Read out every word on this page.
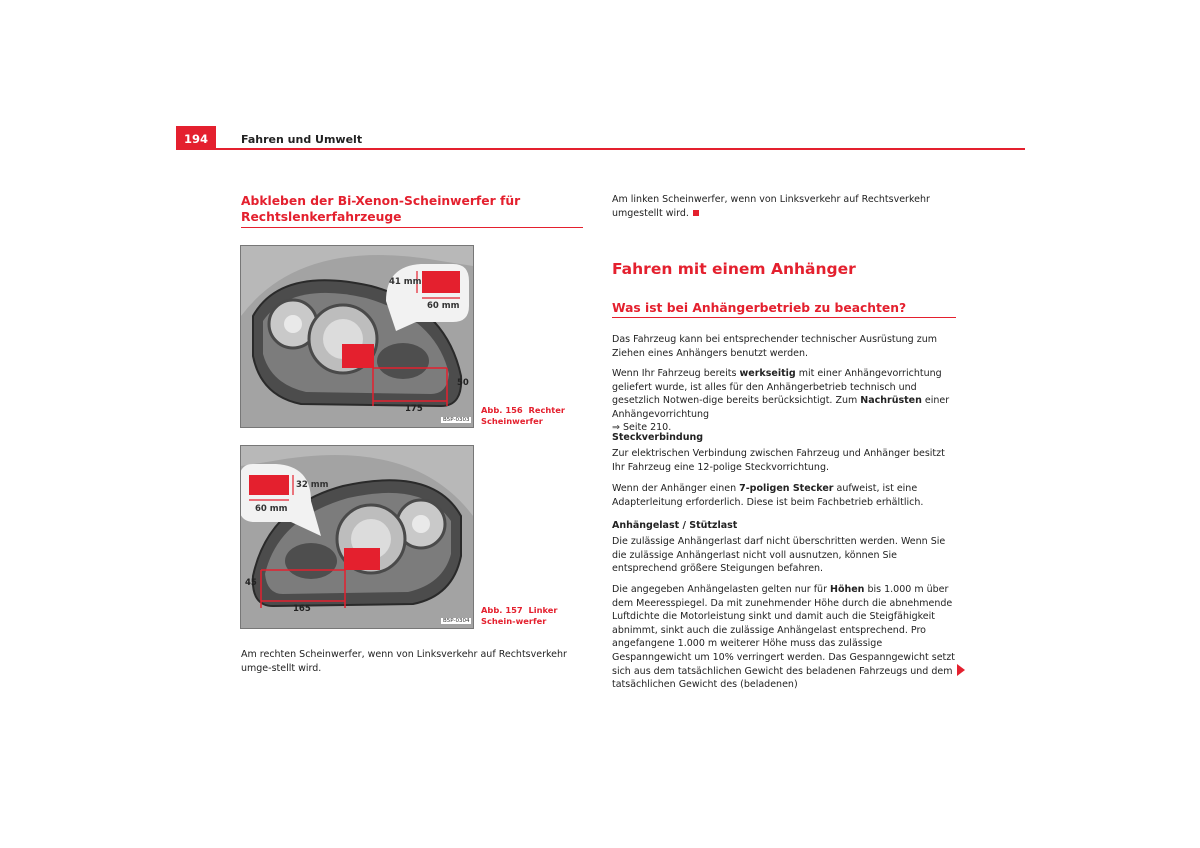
194	Fahren und Umwelt
Abkleben der Bi-Xenon-Scheinwerfer für Rechtslenkerfahrzeuge
41 mm
60 mm
50
175
B5P-0303
Abb. 156 Rechter Scheinwerfer
32 mm
60 mm
45
165
B5P-0304
Abb. 157 Linker Schein-werfer
Am rechten Scheinwerfer, wenn von Linksverkehr auf Rechtsverkehr umge-stellt wird.
Am linken Scheinwerfer, wenn von Linksverkehr auf Rechtsverkehr umgestellt wird.
Fahren mit einem Anhänger
Was ist bei Anhängerbetrieb zu beachten?
Das Fahrzeug kann bei entsprechender technischer Ausrüstung zum Ziehen eines Anhängers benutzt werden.
Wenn Ihr Fahrzeug bereits werkseitig mit einer Anhängevorrichtung geliefert wurde, ist alles für den Anhängerbetrieb technisch und gesetzlich Notwen-dige bereits berücksichtigt. Zum Nachrüsten einer Anhängevorrichtung
⇒ Seite 210.
Steckverbindung
Zur elektrischen Verbindung zwischen Fahrzeug und Anhänger besitzt Ihr Fahrzeug eine 12-polige Steckvorrichtung.
Wenn der Anhänger einen 7-poligen Stecker aufweist, ist eine Adapterleitung erforderlich. Diese ist beim Fachbetrieb erhältlich.
Anhängelast / Stützlast
Die zulässige Anhängerlast darf nicht überschritten werden. Wenn Sie die zulässige Anhängerlast nicht voll ausnutzen, können Sie entsprechend größere Steigungen befahren.
Die angegeben Anhängelasten gelten nur für Höhen bis 1.000 m über dem Meeresspiegel. Da mit zunehmender Höhe durch die abnehmende Luftdichte die Motorleistung sinkt und damit auch die Steigfähigkeit abnimmt, sinkt auch die zulässige Anhängelast entsprechend. Pro angefangene 1.000 m weiterer Höhe muss das zulässige Gespanngewicht um 10% verringert werden. Das Gespanngewicht setzt sich aus dem tatsächlichen Gewicht des beladenen Fahrzeugs und dem tatsächlichen Gewicht des (beladenen)
